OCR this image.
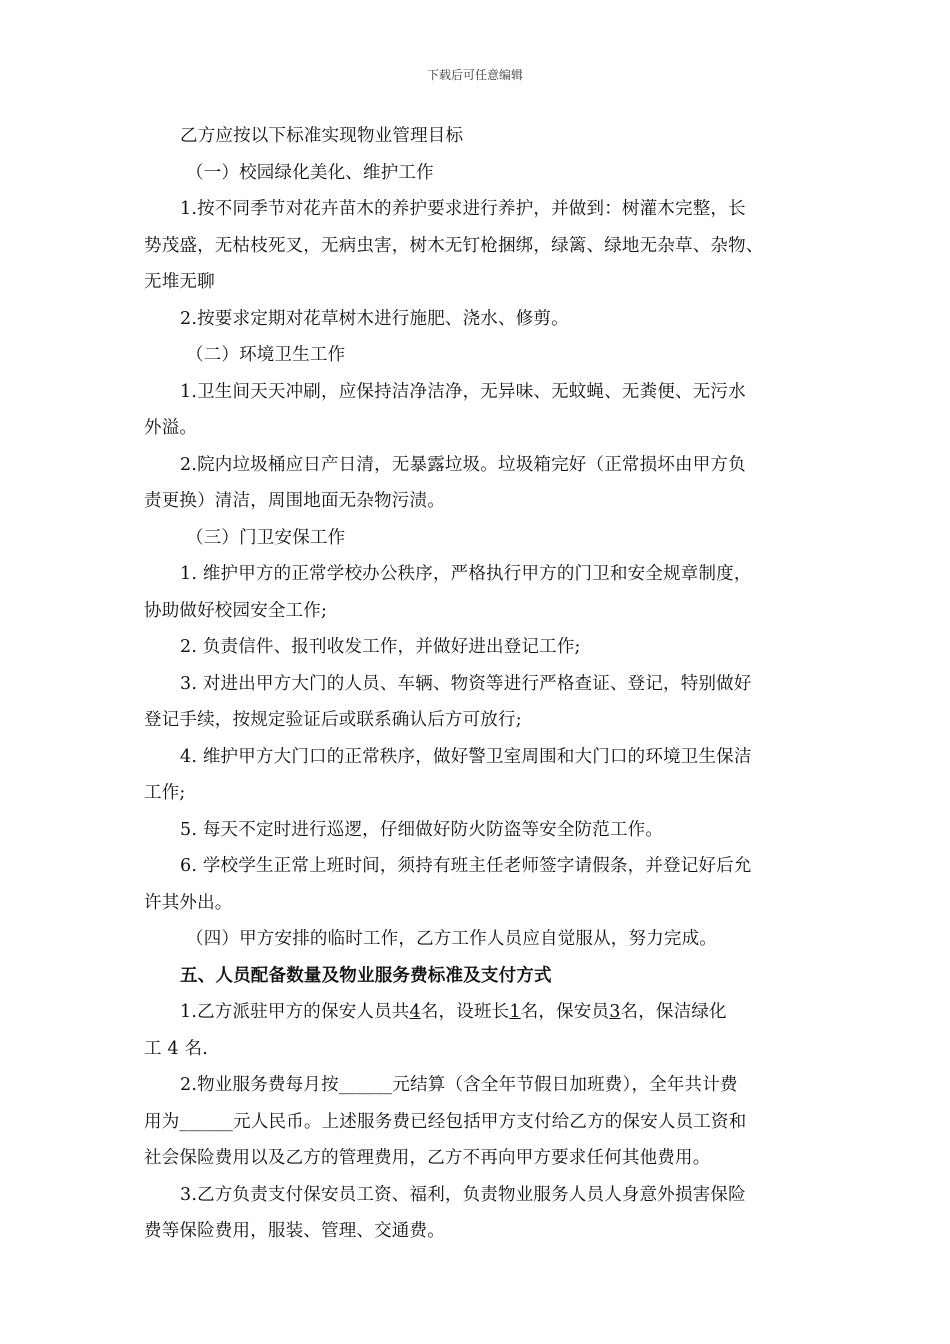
下载后可任意编辑
乙方应按以下标准实现物业管理目标
（一）校园绿化美化、维护工作
1.按不同季节对花卉苗木的养护要求进行养护，并做到：树灌木完整，长
势茂盛，无枯枝死叉，无病虫害，树木无钉枪捆绑，绿篱、绿地无杂草、杂物、
无堆无聊
2.按要求定期对花草树木进行施肥、浇水、修剪。
（二）环境卫生工作
1.卫生间天天冲刷，应保持洁净洁净，无异味、无蚊蝇、无粪便、无污水
外溢。
2.院内垃圾桶应日产日清，无暴露垃圾。垃圾箱完好（正常损坏由甲方负
责更换）清洁，周围地面无杂物污渍。
（三）门卫安保工作
1. 维护甲方的正常学校办公秩序，严格执行甲方的门卫和安全规章制度，
协助做好校园安全工作;
2. 负责信件、报刊收发工作，并做好进出登记工作;
3. 对进出甲方大门的人员、车辆、物资等进行严格查证、登记，特别做好
登记手续，按规定验证后或联系确认后方可放行;
4. 维护甲方大门口的正常秩序，做好警卫室周围和大门口的环境卫生保洁
工作;
5. 每天不定时进行巡逻，仔细做好防火防盗等安全防范工作。
6. 学校学生正常上班时间，须持有班主任老师签字请假条，并登记好后允
许其外出。
（四）甲方安排的临时工作，乙方工作人员应自觉服从，努力完成。
五、人员配备数量及物业服务费标准及支付方式
1.乙方派驻甲方的保安人员共4名，设班长1名，保安员3名，保洁绿化
工 4 名.
2.物业服务费每月按______元结算（含全年节假日加班费），全年共计费
用为______元人民币。上述服务费已经包括甲方支付给乙方的保安人员工资和
社会保险费用以及乙方的管理费用，乙方不再向甲方要求任何其他费用。
3.乙方负责支付保安员工资、福利，负责物业服务人员人身意外损害保险
费等保险费用，服装、管理、交通费。
